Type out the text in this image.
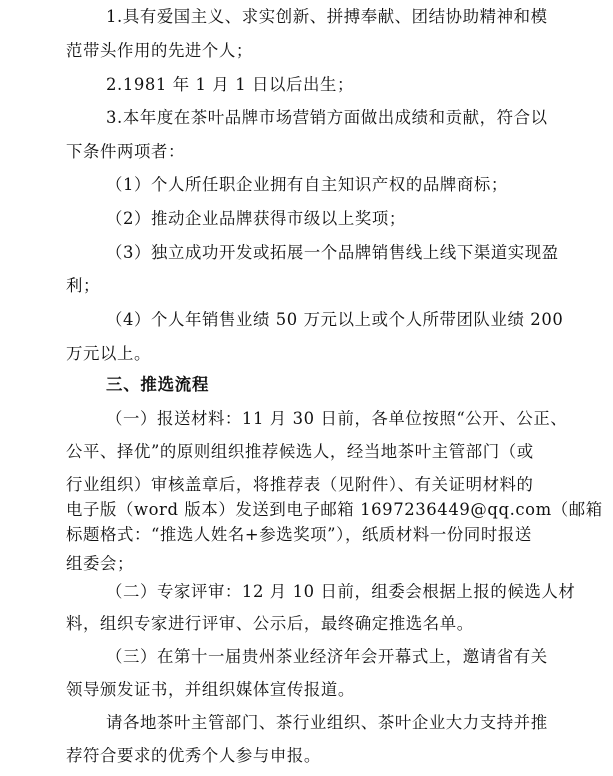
1.具有爱国主义、求实创新、拼搏奉献、团结协助精神和模
范带头作用的先进个人；
2.1981 年 1 月 1 日以后出生；
3.本年度在茶叶品牌市场营销方面做出成绩和贡献，符合以
下条件两项者：
（1）个人所任职企业拥有自主知识产权的品牌商标；
（2）推动企业品牌获得市级以上奖项；
（3）独立成功开发或拓展一个品牌销售线上线下渠道实现盈
利；
（4）个人年销售业绩 50 万元以上或个人所带团队业绩 200
万元以上。
三、推选流程
（一）报送材料：11 月 30 日前，各单位按照“公开、公正、
公平、择优”的原则组织推荐候选人，经当地茶叶主管部门（或
行业组织）审核盖章后，将推荐表（见附件）、有关证明材料的
电子版（word 版本）发送到电子邮箱 1697236449@qq.com（邮箱
标题格式：“推选人姓名+参选奖项”），纸质材料一份同时报送
组委会；
（二）专家评审：12 月 10 日前，组委会根据上报的候选人材
料，组织专家进行评审、公示后，最终确定推选名单。
（三）在第十一届贵州茶业经济年会开幕式上，邀请省有关
领导颁发证书，并组织媒体宣传报道。
请各地茶叶主管部门、茶行业组织、茶叶企业大力支持并推
荐符合要求的优秀个人参与申报。
